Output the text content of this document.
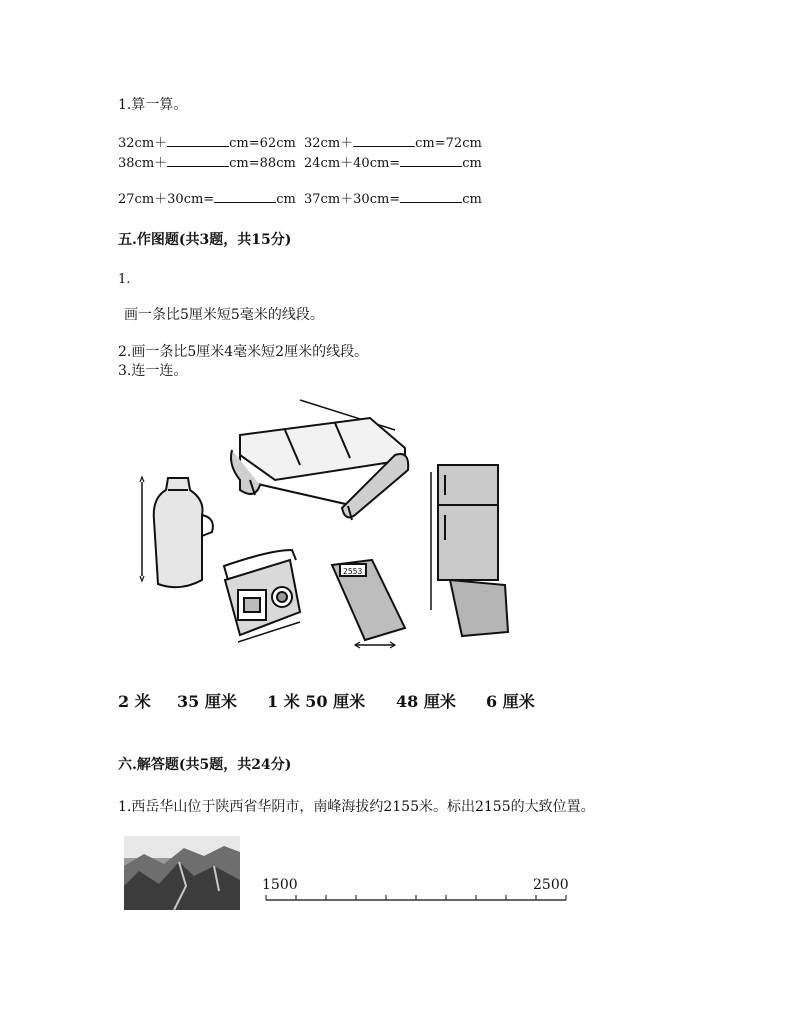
1.算一算。
32cm＋	cm=62cm 32cm＋	cm=72cm
38cm＋	cm=88cm 24cm＋40cm=	cm
27cm＋30cm=	cm 37cm＋30cm=	cm
五.作图题(共3题，共15分)
1.
画一条比5厘米短5毫米的线段。
2.画一条比5厘米4毫米短2厘米的线段。
3.连一连。
2553
2 米 35 厘米 1 米 50 厘米 48 厘米 6 厘米
六.解答题(共5题，共24分)
1.西岳华山位于陕西省华阴市，南峰海拔约2155米。标出2155的大致位置。
1500	2500
